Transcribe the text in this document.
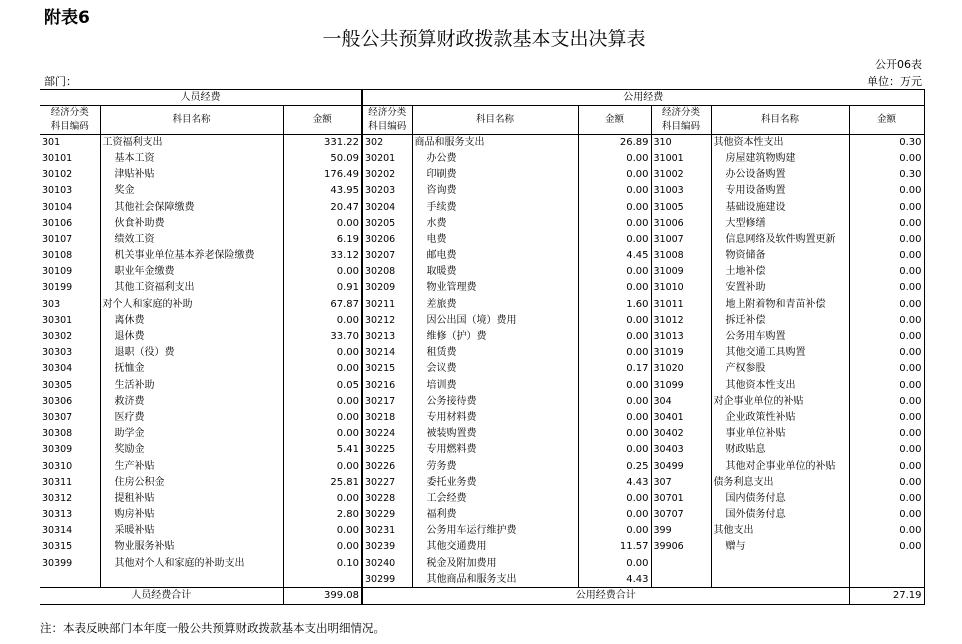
附表6
一般公共预算财政拨款基本支出决算表
公开06表
部门：	单位：万元
人员经费			公用经费					
经济分类
科目编码	科目名称	金额	经济分类
科目编码	科目名称	金额	经济分类
科目编码	科目名称	金额
301	工资福利支出	331.22	302	商品和服务支出	26.89	310	其他资本性支出	0.30
30101	基本工资	50.09	30201	办公费	0.00	31001	房屋建筑物购建	0.00
30102	津贴补贴	176.49	30202	印刷费	0.00	31002	办公设备购置	0.30
30103	奖金	43.95	30203	咨询费	0.00	31003	专用设备购置	0.00
30104	其他社会保障缴费	20.47	30204	手续费	0.00	31005	基础设施建设	0.00
30106	伙食补助费	0.00	30205	水费	0.00	31006	大型修缮	0.00
30107	绩效工资	6.19	30206	电费	0.00	31007	信息网络及软件购置更新	0.00
30108	机关事业单位基本养老保险缴费	33.12	30207	邮电费	4.45	31008	物资储备	0.00
30109	职业年金缴费	0.00	30208	取暖费	0.00	31009	土地补偿	0.00
30199	其他工资福利支出	0.91	30209	物业管理费	0.00	31010	安置补助	0.00
303	对个人和家庭的补助	67.87	30211	差旅费	1.60	31011	地上附着物和青苗补偿	0.00
30301	离休费	0.00	30212	因公出国（境）费用	0.00	31012	拆迁补偿	0.00
30302	退休费	33.70	30213	维修（护）费	0.00	31013	公务用车购置	0.00
30303	退职（役）费	0.00	30214	租赁费	0.00	31019	其他交通工具购置	0.00
30304	抚恤金	0.00	30215	会议费	0.17	31020	产权参股	0.00
30305	生活补助	0.05	30216	培训费	0.00	31099	其他资本性支出	0.00
30306	救济费	0.00	30217	公务接待费	0.00	304	对企事业单位的补贴	0.00
30307	医疗费	0.00	30218	专用材料费	0.00	30401	企业政策性补贴	0.00
30308	助学金	0.00	30224	被装购置费	0.00	30402	事业单位补贴	0.00
30309	奖励金	5.41	30225	专用燃料费	0.00	30403	财政贴息	0.00
30310	生产补贴	0.00	30226	劳务费	0.25	30499	其他对企事业单位的补贴	0.00
30311	住房公积金	25.81	30227	委托业务费	4.43	307	债务利息支出	0.00
30312	提租补贴	0.00	30228	工会经费	0.00	30701	国内债务付息	0.00
30313	购房补贴	2.80	30229	福利费	0.00	30707	国外债务付息	0.00
30314	采暖补贴	0.00	30231	公务用车运行维护费	0.00	399	其他支出	0.00
30315	物业服务补贴	0.00	30239	其他交通费用	11.57	39906	赠与	0.00
30399	其他对个人和家庭的补助支出	0.10	30240	税金及附加费用	0.00			
			30299	其他商品和服务支出	4.43			
人员经费合计		399.08	公用经费合计					27.19
注：本表反映部门本年度一般公共预算财政拨款基本支出明细情况。
